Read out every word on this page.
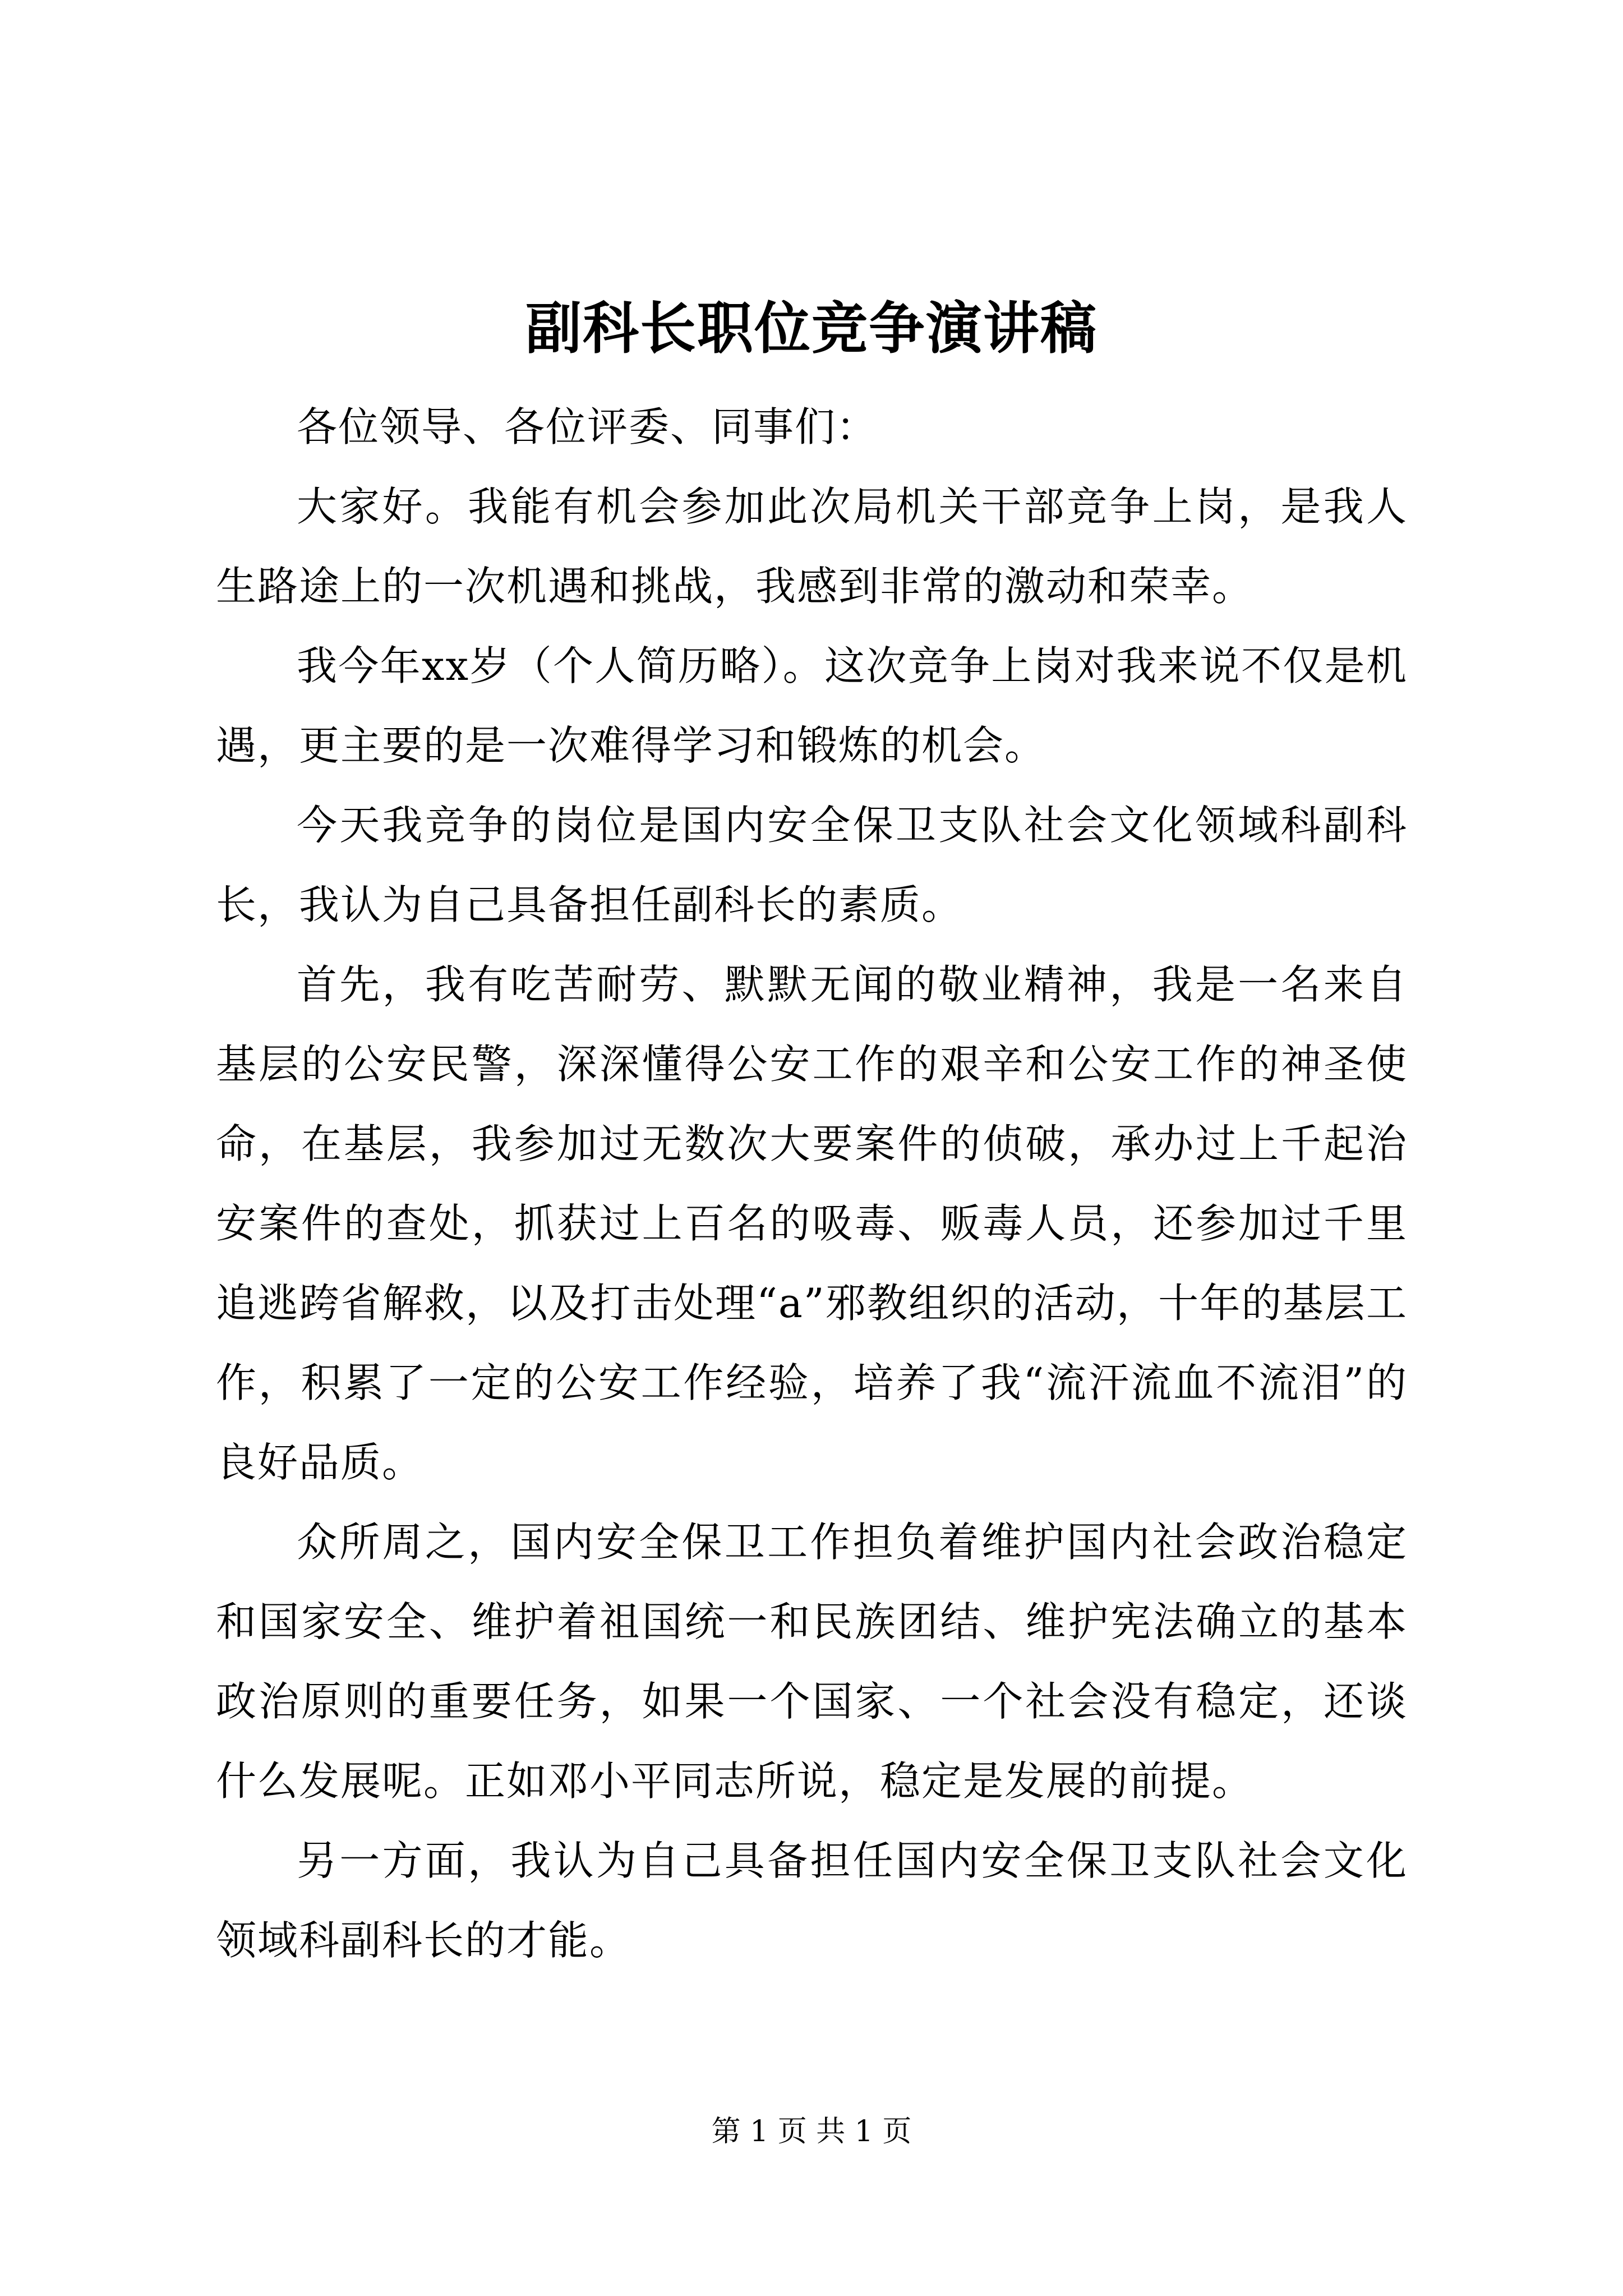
副科长职位竞争演讲稿

各位领导、各位评委、同事们：

大家好。我能有机会参加此次局机关干部竞争上岗，是我人生路途上的一次机遇和挑战，我感到非常的激动和荣幸。

我今年xx岁（个人简历略）。这次竞争上岗对我来说不仅是机遇，更主要的是一次难得学习和锻炼的机会。

今天我竞争的岗位是国内安全保卫支队社会文化领域科副科长，我认为自己具备担任副科长的素质。

首先，我有吃苦耐劳、默默无闻的敬业精神，我是一名来自基层的公安民警，深深懂得公安工作的艰辛和公安工作的神圣使命，在基层，我参加过无数次大要案件的侦破，承办过上千起治安案件的查处，抓获过上百名的吸毒、贩毒人员，还参加过千里追逃跨省解救，以及打击处理“a”邪教组织的活动，十年的基层工作，积累了一定的公安工作经验，培养了我“流汗流血不流泪”的良好品质。

众所周之，国内安全保卫工作担负着维护国内社会政治稳定和国家安全、维护着祖国统一和民族团结、维护宪法确立的基本政治原则的重要任务，如果一个国家、一个社会没有稳定，还谈什么发展呢。正如邓小平同志所说，稳定是发展的前提。

另一方面，我认为自己具备担任国内安全保卫支队社会文化领域科副科长的才能。

第 1 页 共 1 页
